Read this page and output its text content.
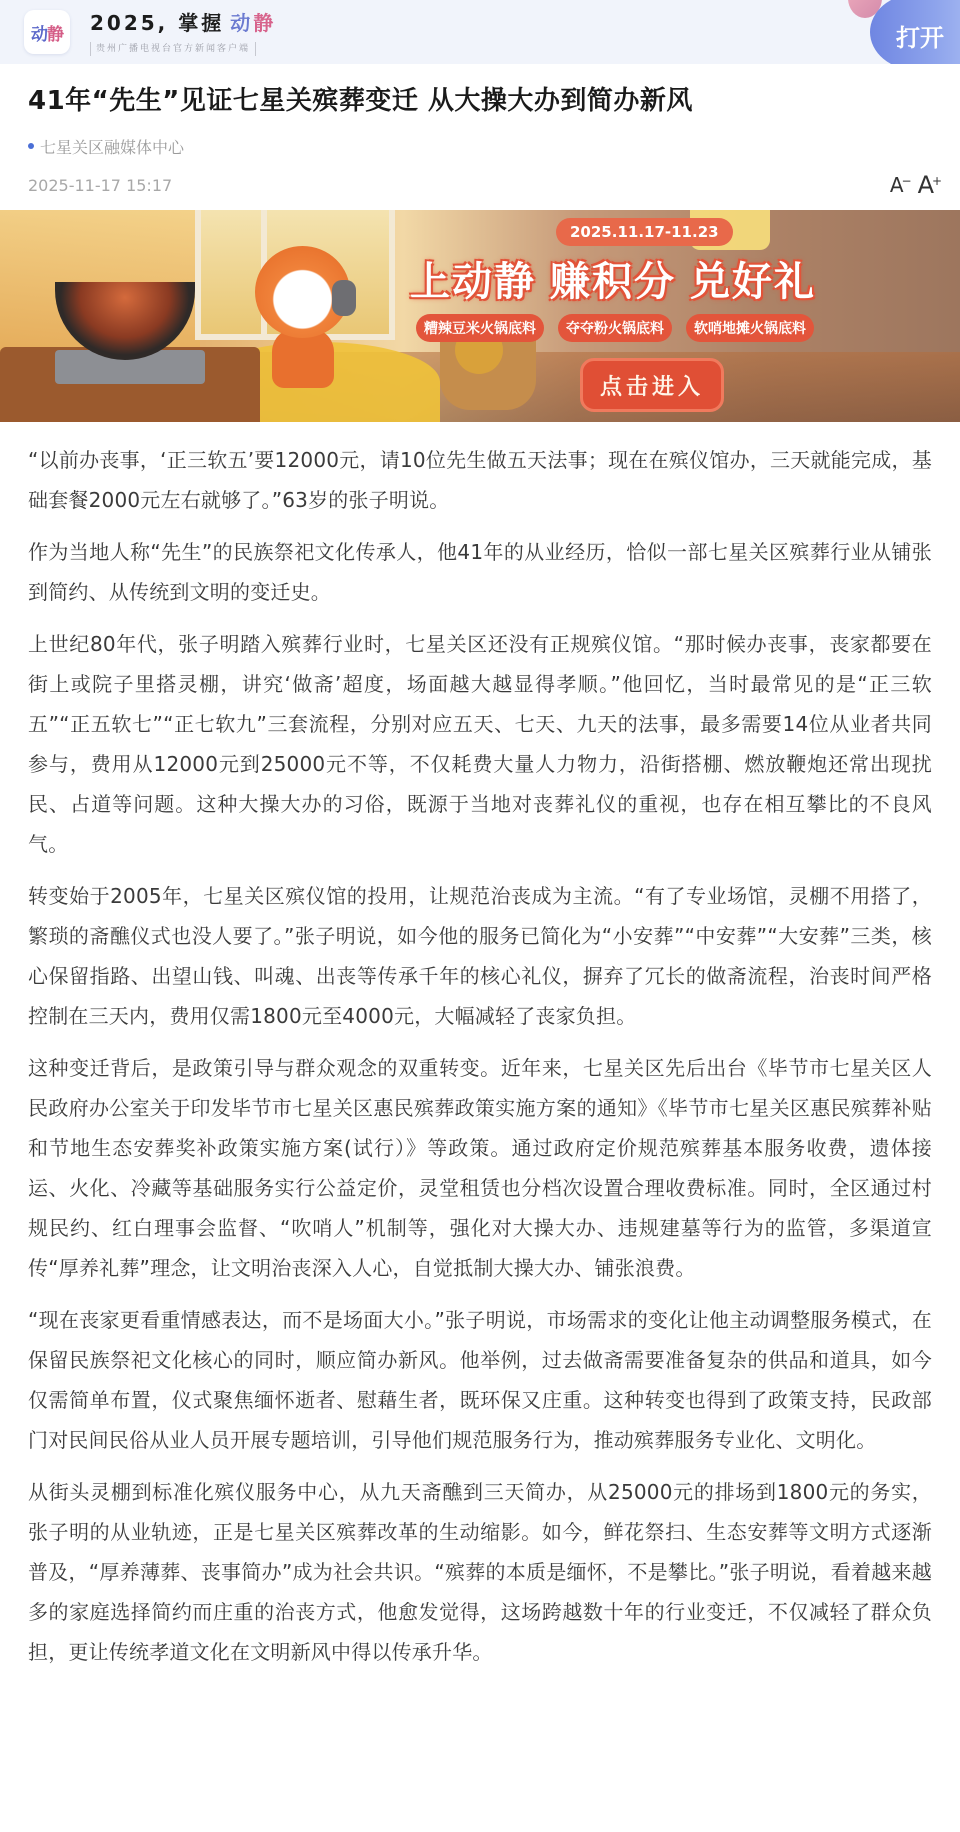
动 静 2025, 掌握 动静
贵州广播电视台官方新闻客户端	打开
41年“先生”见证七星关殡葬变迁 从大操大办到简办新风
七星关区融媒体中心
2025-11-17 15:17	A
− A
+
2025.11.17-11.23
上动静 赚积分 兑好礼
糟辣豆米火锅底料	夺夺粉火锅底料	软哨地摊火锅底料
点击进入

“以前办丧事，‘正三软五’要12000元，请10位先生做五天法事；现在在殡仪馆办，三天就能完成，基础套餐2000元左右就够了。”63岁的张子明说。

作为当地人称“先生”的民族祭祀文化传承人，他41年的从业经历，恰似一部七星关区殡葬行业从铺张到简约、从传统到文明的变迁史。

上世纪80年代，张子明踏入殡葬行业时，七星关区还没有正规殡仪馆。“那时候办丧事，丧家都要在街上或院子里搭灵棚，讲究‘做斋’超度，场面越大越显得孝顺。”他回忆，当时最常见的是“正三软五”“正五软七”“正七软九”三套流程，分别对应五天、七天、九天的法事，最多需要14位从业者共同参与，费用从12000元到25000元不等，不仅耗费大量人力物力，沿街搭棚、燃放鞭炮还常出现扰民、占道等问题。这种大操大办的习俗，既源于当地对丧葬礼仪的重视，也存在相互攀比的不良风气。

转变始于2005年，七星关区殡仪馆的投用，让规范治丧成为主流。“有了专业场馆，灵棚不用搭了，繁琐的斋醮仪式也没人要了。”张子明说，如今他的服务已简化为“小安葬”“中安葬”“大安葬”三类，核心保留指路、出望山钱、叫魂、出丧等传承千年的核心礼仪，摒弃了冗长的做斋流程，治丧时间严格控制在三天内，费用仅需1800元至4000元，大幅减轻了丧家负担。

这种变迁背后，是政策引导与群众观念的双重转变。近年来，七星关区先后出台《毕节市七星关区人民政府办公室关于印发毕节市七星关区惠民殡葬政策实施方案的通知》《毕节市七星关区惠民殡葬补贴和节地生态安葬奖补政策实施方案(试行）》等政策。通过政府定价规范殡葬基本服务收费，遗体接运、火化、冷藏等基础服务实行公益定价，灵堂租赁也分档次设置合理收费标准。同时，全区通过村规民约、红白理事会监督、“吹哨人”机制等，强化对大操大办、违规建墓等行为的监管，多渠道宣传“厚养礼葬”理念，让文明治丧深入人心，自觉抵制大操大办、铺张浪费。

“现在丧家更看重情感表达，而不是场面大小。”张子明说，市场需求的变化让他主动调整服务模式，在保留民族祭祀文化核心的同时，顺应简办新风。他举例，过去做斋需要准备复杂的供品和道具，如今仅需简单布置，仪式聚焦缅怀逝者、慰藉生者，既环保又庄重。这种转变也得到了政策支持，民政部门对民间民俗从业人员开展专题培训，引导他们规范服务行为，推动殡葬服务专业化、文明化。

从街头灵棚到标准化殡仪服务中心，从九天斋醮到三天简办，从25000元的排场到1800元的务实，张子明的从业轨迹，正是七星关区殡葬改革的生动缩影。如今，鲜花祭扫、生态安葬等文明方式逐渐普及，“厚养薄葬、丧事简办”成为社会共识。“殡葬的本质是缅怀，不是攀比。”张子明说，看着越来越多的家庭选择简约而庄重的治丧方式，他愈发觉得，这场跨越数十年的行业变迁，不仅减轻了群众负担，更让传统孝道文化在文明新风中得以传承升华。
